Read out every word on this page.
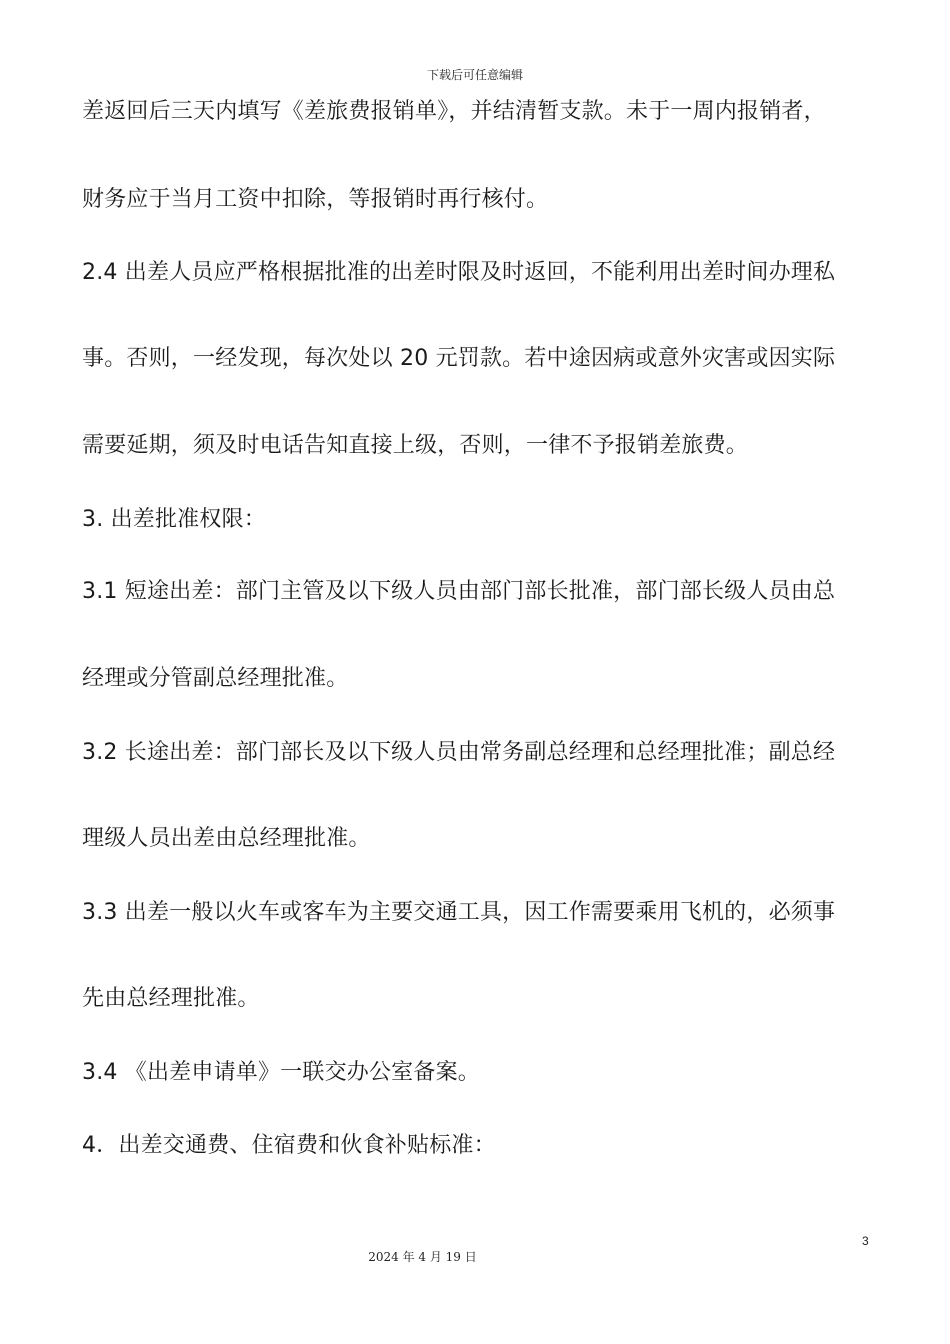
下载后可任意编辑
差返回后三天内填写《差旅费报销单》，并结清暂支款。未于一周内报销者，
财务应于当月工资中扣除，等报销时再行核付。
2.4 出差人员应严格根据批准的出差时限及时返回，不能利用出差时间办理私
事。否则，一经发现，每次处以 20 元罚款。若中途因病或意外灾害或因实际
需要延期，须及时电话告知直接上级，否则，一律不予报销差旅费。
3. 出差批准权限：
3.1 短途出差：部门主管及以下级人员由部门部长批准，部门部长级人员由总
经理或分管副总经理批准。
3.2 长途出差：部门部长及以下级人员由常务副总经理和总经理批准；副总经
理级人员出差由总经理批准。
3.3 出差一般以火车或客车为主要交通工具，因工作需要乘用飞机的，必须事
先由总经理批准。
3.4 《出差申请单》一联交办公室备案。
4．出差交通费、住宿费和伙食补贴标准：
3
2024 年 4 月 19 日
